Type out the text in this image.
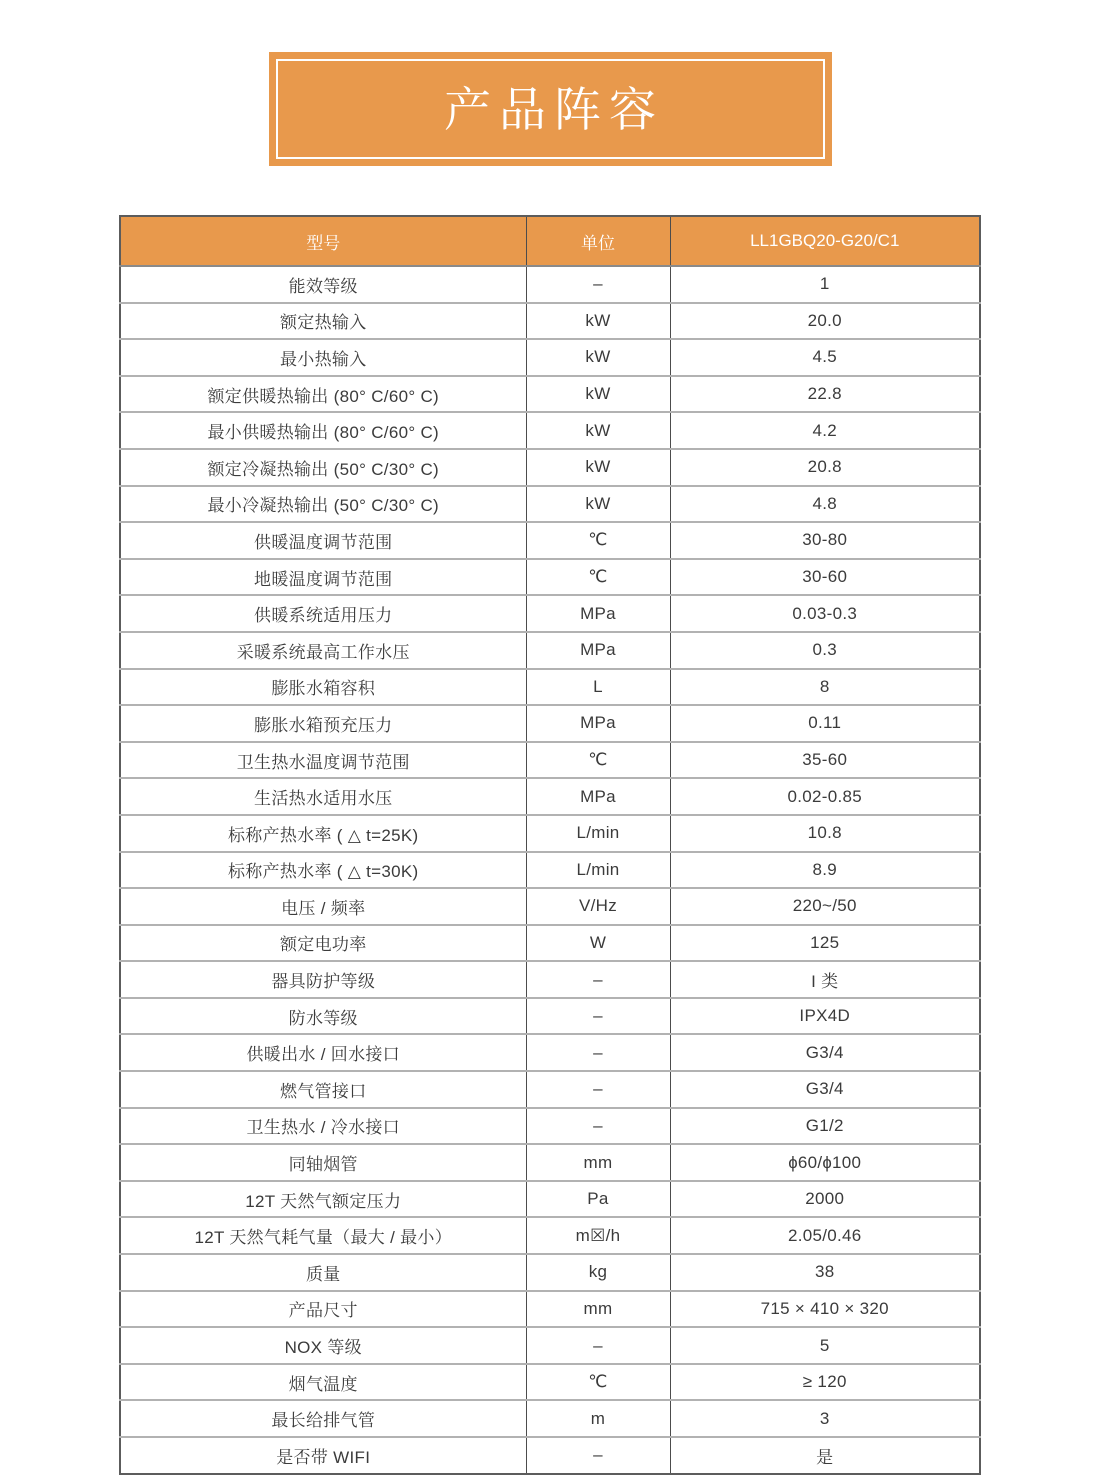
产品阵容
型号	单位	LL1GBQ20-G20/C1
能效等级	–	1
额定热输入	kW	20.0
最小热输入	kW	4.5
额定供暖热输出 (80° C/60° C)	kW	22.8
最小供暖热输出 (80° C/60° C)	kW	4.2
额定冷凝热输出 (50° C/30° C)	kW	20.8
最小冷凝热输出 (50° C/30° C)	kW	4.8
供暖温度调节范围	℃	30-80
地暖温度调节范围	℃	30-60
供暖系统适用压力	MPa	0.03-0.3
采暖系统最高工作水压	MPa	0.3
膨胀水箱容积	L	8
膨胀水箱预充压力	MPa	0.11
卫生热水温度调节范围	℃	35-60
生活热水适用水压	MPa	0.02-0.85
标称产热水率 ( △ t=25K)	L/min	10.8
标称产热水率 ( △ t=30K)	L/min	8.9
电压 / 频率	V/Hz	220~/50
额定电功率	W	125
器具防护等级	–	I 类
防水等级	–	IPX4D
供暖出水 / 回水接口	–	G3/4
燃气管接口	–	G3/4
卫生热水 / 冷水接口	–	G1/2
同轴烟管	mm	ɸ60/ɸ100
12T 天然气额定压力	Pa	2000
12T 天然气耗气量（最大 / 最小）	m☒/h	2.05/0.46
质量	kg	38
产品尺寸	mm	715 × 410 × 320
NOX 等级	–	5
烟气温度	℃	≥ 120
最长给排气管	m	3
是否带 WIFI	–	是
